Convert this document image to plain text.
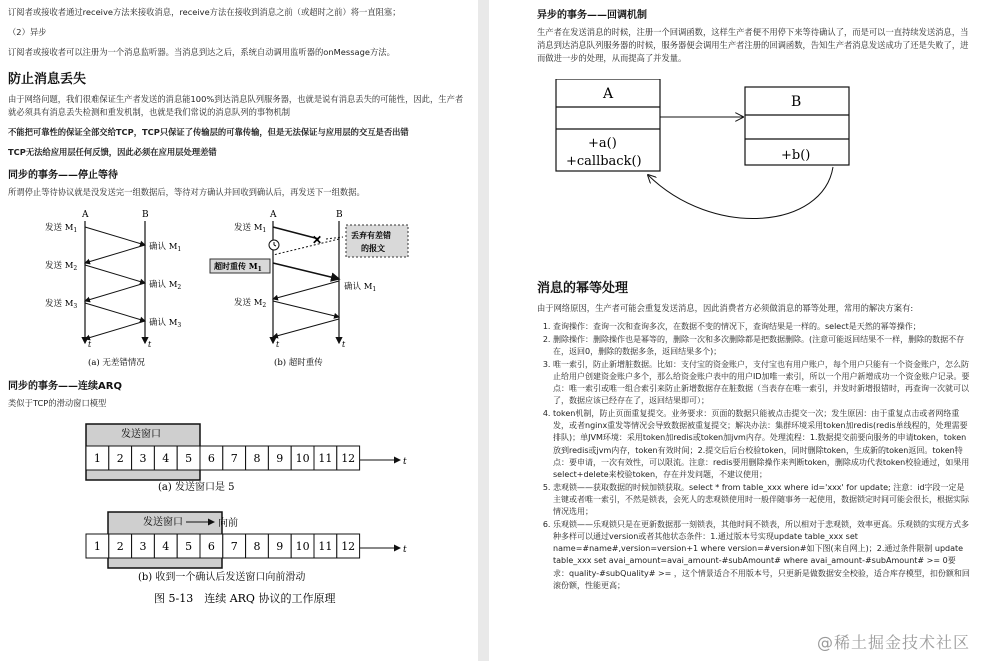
订阅者或接收者通过receive方法来接收消息，receive方法在接收到消息之前（或超时之前）将一直阻塞；

（2）异步

订阅者或接收者可以注册为一个消息监听器。当消息到达之后，系统自动调用监听器的onMessage方法。

防止消息丢失

由于网络问题，我们很难保证生产者发送的消息能100%到达消息队列服务器，也就是说有消息丢失的可能性，因此，生产者就必须具有消息丢失检测和重发机制，也就是我们常说的消息队列的事物机制

不能把可靠性的保证全部交给TCP，TCP只保证了传输层的可靠传输，但是无法保证与应用层的交互是否出错

TCP无法给应用层任何反馈，因此必须在应用层处理差错

同步的事务——停止等待

所谓停止等待协议就是没发送完一组数据后，等待对方确认并回收到确认后，再发送下一组数据。

A	B
发送 $M_1$
发送 $M_2$
发送 $M_3$
确认 $M_1$
确认 $M_2$
确认 $M_3$
t	t
(a) 无差错情况
A	B
✕	丢弃有差错
的报文
发送 $M_1$
超时重传 $M_1$
确认 $M_1$
发送 $M_2$
t	t
(b) 超时重传
同步的事务——连续ARQ

类似于TCP的滑动窗口模型

发送窗口
1 2 3 4 5 6 7 8 9 10 11 12	t
(a) 发送窗口是 5
发送窗口	向前
1 2 3 4 5 6 7 8 9 10 11 12	t
(b) 收到一个确认后发送窗口向前滑动
图 5-13　连续 ARQ 协议的工作原理
异步的事务——回调机制

生产者在发送消息的时候，注册一个回调函数，这样生产者便不用停下来等待确认了，而是可以一直持续发送消息，当消息到达消息队列服务器的时候，服务器便会调用生产者注册的回调函数，告知生产者消息发送成功了还是失败了，进而做进一步的处理，从而提高了并发量。

A
+a()
+callback()
B
+b()
消息的幂等处理

由于网络原因，生产者可能会重复发送消息，因此消费者方必须做消息的幂等处理，常用的解决方案有:

1. 查询操作：查询一次和查询多次，在数据不变的情况下，查询结果是一样的。select是天然的幂等操作；
2. 删除操作：删除操作也是幂等的，删除一次和多次删除都是把数据删除。(注意可能返回结果不一样，删除的数据不存在，返回0，删除的数据多条，返回结果多个)；
3. 唯一索引，防止新增脏数据。比如：支付宝的资金账户，支付宝也有用户账户，每个用户只能有一个资金账户，怎么防止给用户创建资金账户多个，那么给资金账户表中的用户ID加唯一索引，所以一个用户新增成功一个资金账户记录。要点：唯一索引或唯一组合索引来防止新增数据存在脏数据（当表存在唯一索引，并发时新增报错时，再查询一次就可以了，数据应该已经存在了，返回结果即可）；
4. token机制，防止页面重复提交。业务要求：页面的数据只能被点击提交一次；发生原因：由于重复点击或者网络重发，或者nginx重发等情况会导致数据被重复提交；解决办法：集群环境采用token加redis(redis单线程的，处理需要排队)；单JVM环境：采用token加redis或token加jvm内存。处理流程：1.数据提交前要向服务的申请token，token放到redis或jvm内存，token有效时间；2.提交后后台校验token，同时删除token，生成新的token返回。token特点：要申请，一次有效性，可以限流。注意：redis要用删除操作来判断token，删除成功代表token校验通过，如果用select+delete来校验token，存在并发问题，不建议使用；
5. 悲观锁——获取数据的时候加锁获取。select * from table_xxx where id='xxx' for update; 注意：id字段一定是主键或者唯一索引，不然是锁表，会死人的悲观锁使用时一般伴随事务一起使用，数据锁定时间可能会很长，根据实际情况选用；
6. 乐观锁——乐观锁只是在更新数据那一刻锁表，其他时间不锁表，所以相对于悲观锁，效率更高。乐观锁的实现方式多种多样可以通过version或者其他状态条件：1.通过版本号实现update table_xxx set name=#name#,version=version+1 where version=#version#如下图(来自网上)；2.通过条件限制 update table_xxx set avai_amount=avai_amount-#subAmount# where avai_amount-#subAmount# >= 0要求：quality-#subQuality# >= ，这个情景适合不用版本号，只更新是做数据安全校验，适合库存模型，扣份额和回滚份额，性能更高；
@稀土掘金技术社区
